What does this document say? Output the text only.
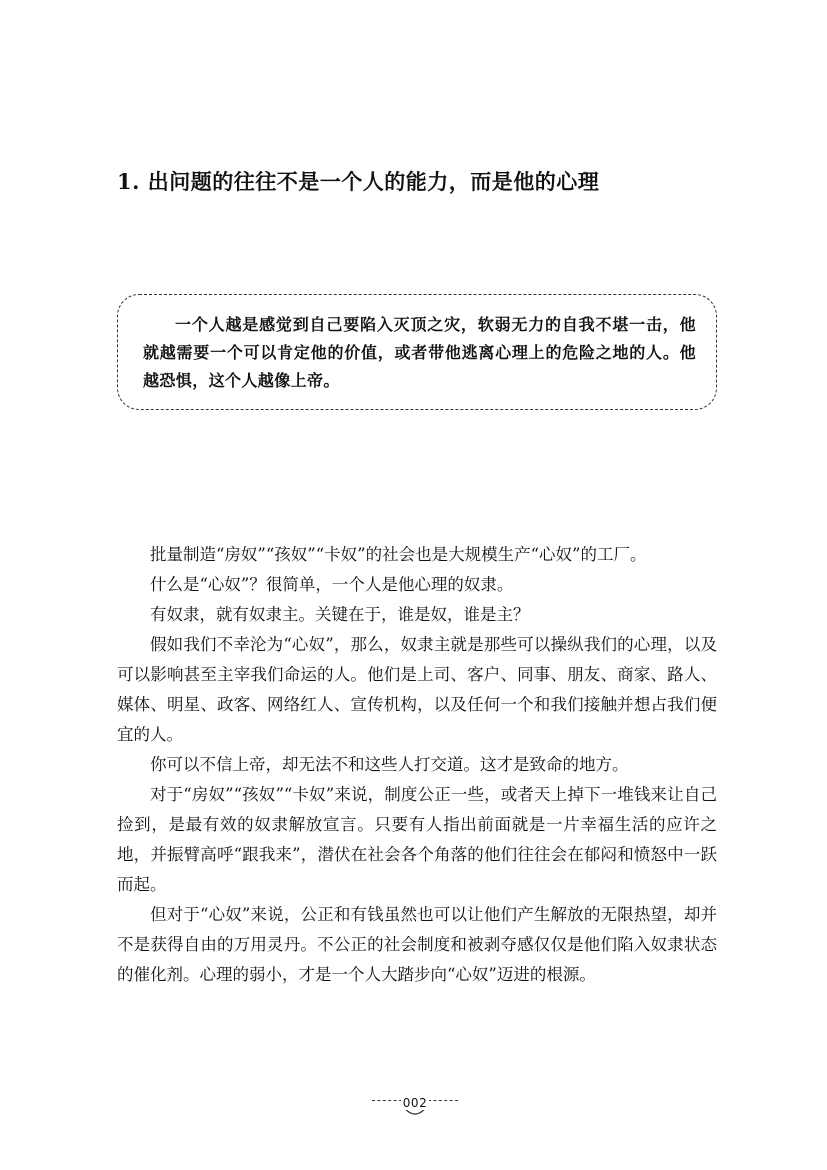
1. 出问题的往往不是一个人的能力，而是他的心理
一个人越是感觉到自己要陷入灭顶之灾，软弱无力的自我不堪一击，他就越需要一个可以肯定他的价值，或者带他逃离心理上的危险之地的人。他越恐惧，这个人越像上帝。

批量制造“房奴”“孩奴”“卡奴”的社会也是大规模生产“心奴”的工厂。

什么是“心奴”？很简单，一个人是他心理的奴隶。

有奴隶，就有奴隶主。关键在于，谁是奴，谁是主？

假如我们不幸沦为“心奴”，那么，奴隶主就是那些可以操纵我们的心理，以及可以影响甚至主宰我们命运的人。他们是上司、客户、同事、朋友、商家、路人、媒体、明星、政客、网络红人、宣传机构，以及任何一个和我们接触并想占我们便宜的人。

你可以不信上帝，却无法不和这些人打交道。这才是致命的地方。

对于“房奴”“孩奴”“卡奴”来说，制度公正一些，或者天上掉下一堆钱来让自己捡到，是最有效的奴隶解放宣言。只要有人指出前面就是一片幸福生活的应许之地，并振臂高呼“跟我来”，潜伏在社会各个角落的他们往往会在郁闷和愤怒中一跃而起。

但对于“心奴”来说，公正和有钱虽然也可以让他们产生解放的无限热望，却并不是获得自由的万用灵丹。不公正的社会制度和被剥夺感仅仅是他们陷入奴隶状态的催化剂。心理的弱小，才是一个人大踏步向“心奴”迈进的根源。

002
